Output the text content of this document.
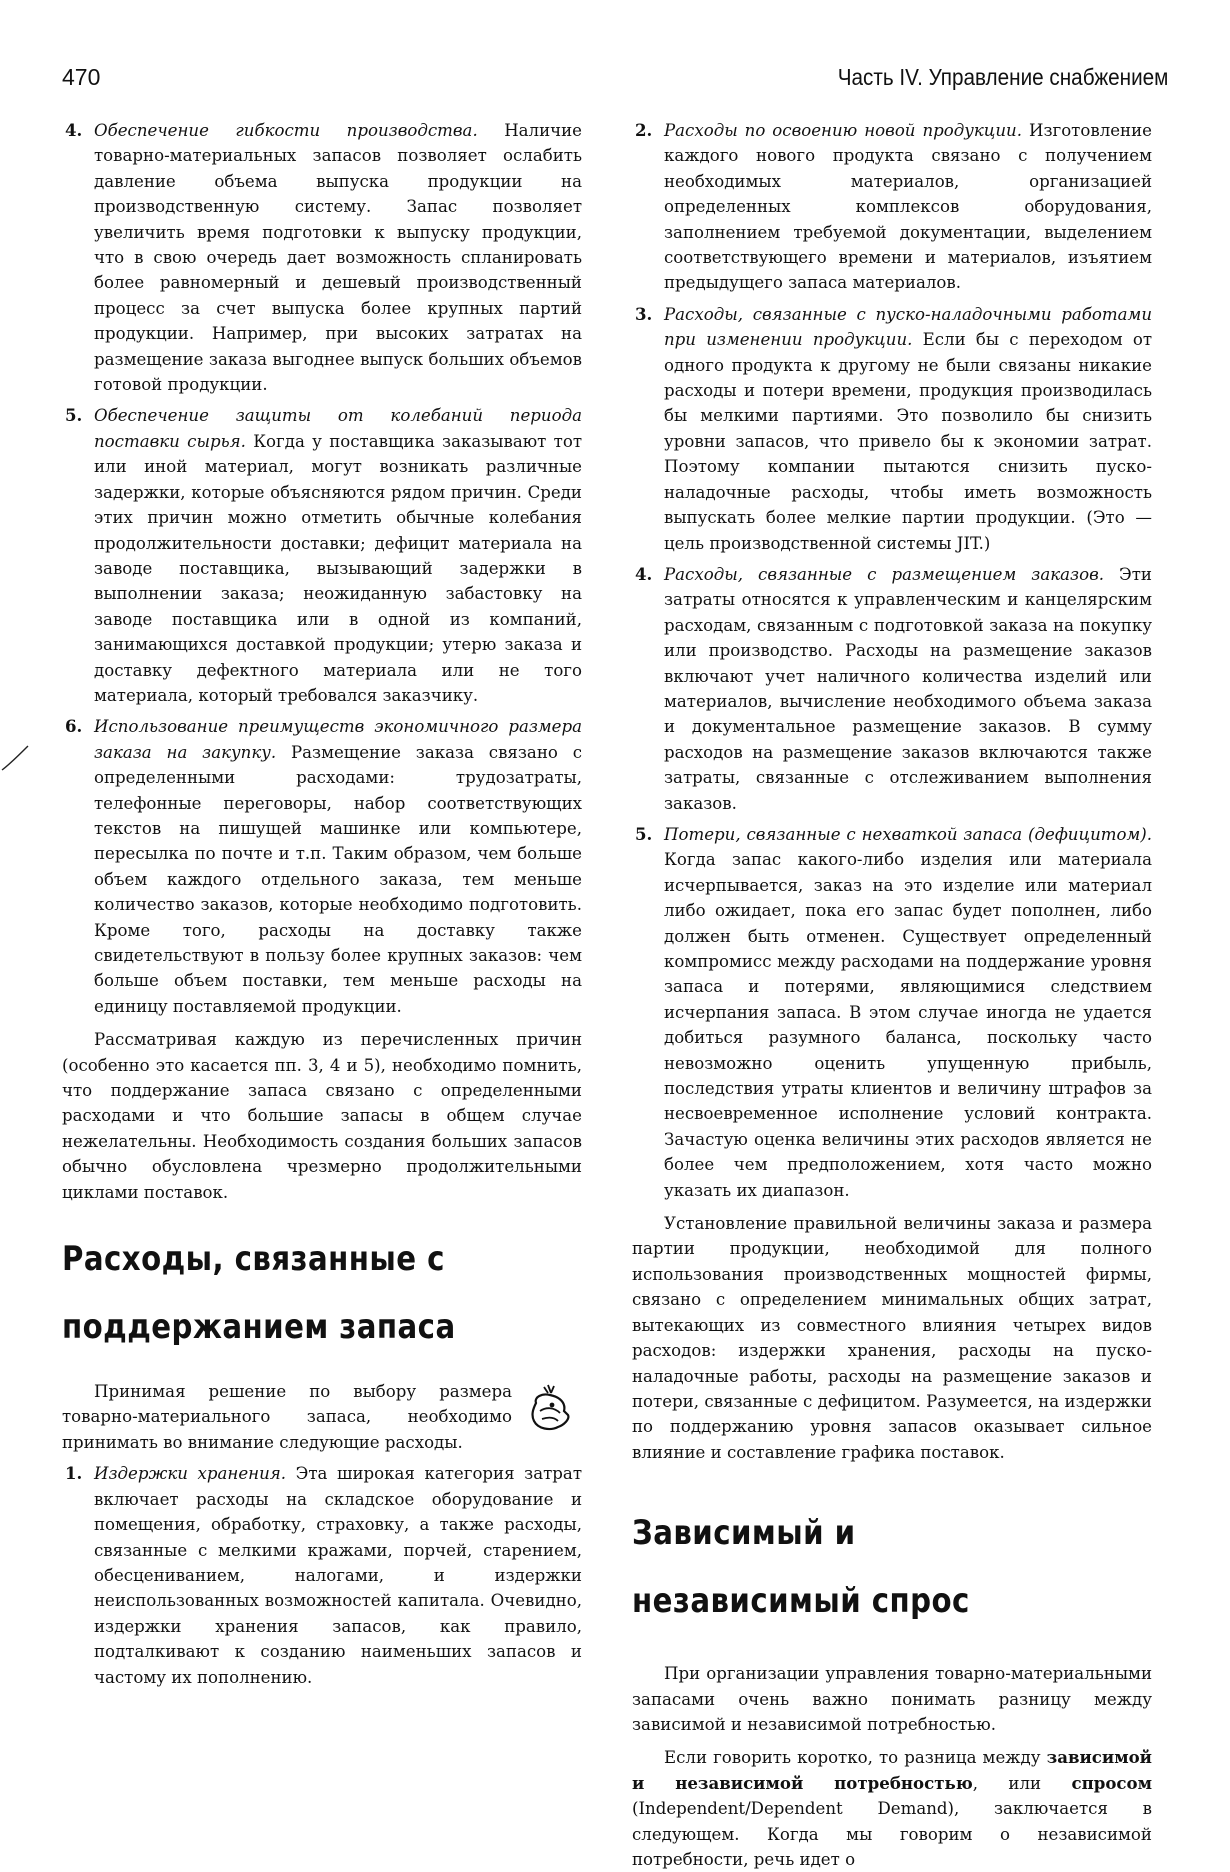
470	Часть IV. Управление снабжением
4. Обеспечение гибкости производства. Наличие товарно-материальных запасов позволяет ослабить давление объема выпуска продукции на производственную систему. Запас позволяет увеличить время подготовки к выпуску продукции, что в свою очередь дает возможность спланировать более равномерный и дешевый производственный процесс за счет выпуска более крупных партий продукции. Например, при высоких затратах на размещение заказа выгоднее выпуск больших объемов готовой продукции.
5. Обеспечение защиты от колебаний периода поставки сырья. Когда у поставщика заказывают тот или иной материал, могут возникать различные задержки, которые объясняются рядом причин. Среди этих причин можно отметить обычные колебания продолжительности доставки; дефицит материала на заводе поставщика, вызывающий задержки в выполнении заказа; неожиданную забастовку на заводе поставщика или в одной из компаний, занимающихся доставкой продукции; утерю заказа и доставку дефектного материала или не того материала, который требовался заказчику.
6. Использование преимуществ экономичного размера заказа на закупку. Размещение заказа связано с определенными расходами: трудозатраты, телефонные переговоры, набор соответствующих текстов на пишущей машинке или компьютере, пересылка по почте и т.п. Таким образом, чем больше объем каждого отдельного заказа, тем меньше количество заказов, которые необходимо подготовить. Кроме того, расходы на доставку также свидетельствуют в пользу более крупных заказов: чем больше объем поставки, тем меньше расходы на единицу поставляемой продукции.

Рассматривая каждую из перечисленных причин (особенно это касается пп. 3, 4 и 5), необходимо помнить, что поддержание запаса связано с определенными расходами и что большие запасы в общем случае нежелательны. Необходимость создания больших запасов обычно обусловлена чрезмерно продолжительными циклами поставок.

Расходы, связанные с поддержанием запаса

Принимая решение по выбору размера товарно-материального запаса, необходимо принимать во внимание следующие расходы.

1. Издержки хранения. Эта широкая категория затрат включает расходы на складское оборудование и помещения, обработку, страховку, а также расходы, связанные с мелкими кражами, порчей, старением, обесцениванием, налогами, и издержки неиспользованных возможностей капитала. Очевидно, издержки хранения запасов, как правило, подталкивают к созданию наименьших запасов и частому их пополнению.
2. Расходы по освоению новой продукции. Изготовление каждого нового продукта связано с получением необходимых материалов, организацией определенных комплексов оборудования, заполнением требуемой документации, выделением соответствующего времени и материалов, изъятием предыдущего запаса материалов.
3. Расходы, связанные с пуско-наладочными работами при изменении продукции. Если бы с переходом от одного продукта к другому не были связаны никакие расходы и потери времени, продукция производилась бы мелкими партиями. Это позволило бы снизить уровни запасов, что привело бы к экономии затрат. Поэтому компании пытаются снизить пуско-наладочные расходы, чтобы иметь возможность выпускать более мелкие партии продукции. (Это — цель производственной системы JIT.)
4. Расходы, связанные с размещением заказов. Эти затраты относятся к управленческим и канцелярским расходам, связанным с подготовкой заказа на покупку или производство. Расходы на размещение заказов включают учет наличного количества изделий или материалов, вычисление необходимого объема заказа и документальное размещение заказов. В сумму расходов на размещение заказов включаются также затраты, связанные с отслеживанием выполнения заказов.
5. Потери, связанные с нехваткой запаса (дефицитом). Когда запас какого-либо изделия или материала исчерпывается, заказ на это изделие или материал либо ожидает, пока его запас будет пополнен, либо должен быть отменен. Существует определенный компромисс между расходами на поддержание уровня запаса и потерями, являющимися следствием исчерпания запаса. В этом случае иногда не удается добиться разумного баланса, поскольку часто невозможно оценить упущенную прибыль, последствия утраты клиентов и величину штрафов за несвоевременное исполнение условий контракта. Зачастую оценка величины этих расходов является не более чем предположением, хотя часто можно указать их диапазон.

Установление правильной величины заказа и размера партии продукции, необходимой для полного использования производственных мощностей фирмы, связано с определением минимальных общих затрат, вытекающих из совместного влияния четырех видов расходов: издержки хранения, расходы на пуско-наладочные работы, расходы на размещение заказов и потери, связанные с дефицитом. Разумеется, на издержки по поддержанию уровня запасов оказывает сильное влияние и составление графика поставок.

Зависимый и независимый спрос

При организации управления товарно-материальными запасами очень важно понимать разницу между зависимой и независимой потребностью.

Если говорить коротко, то разница между зависимой и независимой потребностью, или спросом (Independent/Dependent Demand), заключается в следующем. Когда мы говорим о независимой потребности, речь идет о
